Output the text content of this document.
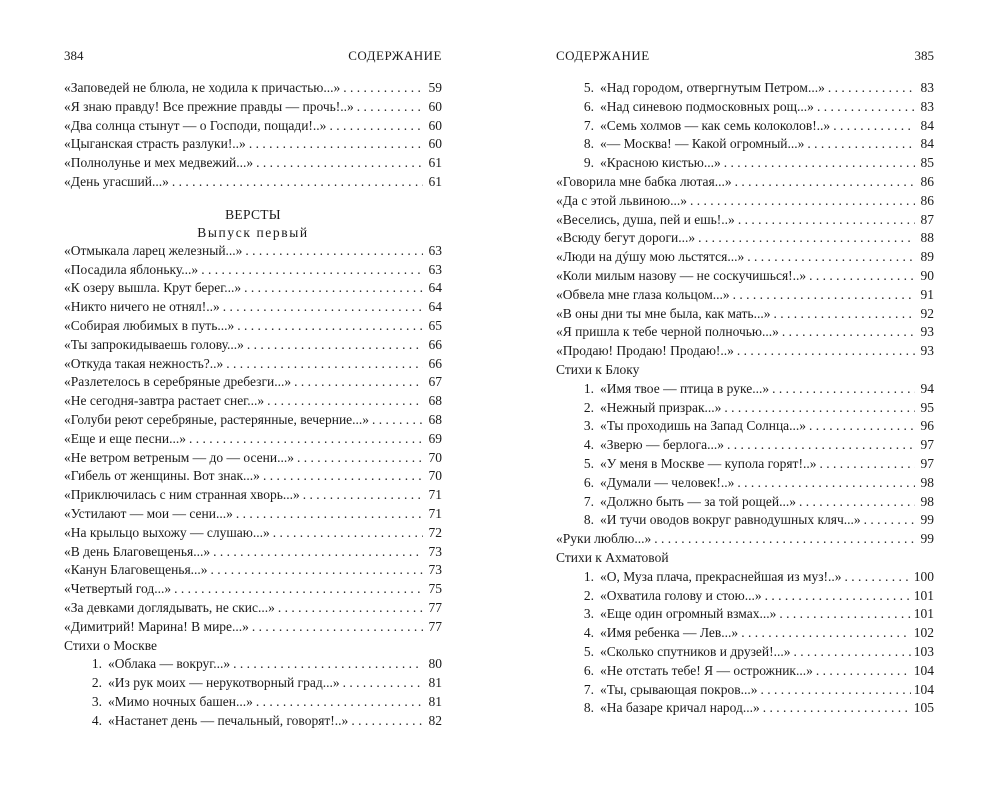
384	СОДЕРЖАНИЕ
«Заповедей не блюла, не ходила к причастью...» . . .	59
«Я знаю правду! Все прежние правды — прочь!..» . . .	60
«Два солнца стынут — о Господи, пощади!..» . . .	60
«Цыганская страсть разлуки!..» . . .	60
«Полнолунье и мех медвежий...» . . .	61
«День угасший...» . . .	61
ВЕРСТЫ
Выпуск первый
«Отмыкала ларец железный...» . . .	63
«Посадила яблоньку...» . . .	63
«К озеру вышла. Крут берег...» . . .	64
«Никто ничего не отнял!..» . . .	64
«Собирая любимых в путь...» . . .	65
«Ты запрокидываешь голову...» . . .	66
«Откуда такая нежность?..» . . .	66
«Разлетелось в серебряные дребезги...» . . .	67
«Не сегодня-завтра растает снег...» . . .	68
«Голуби реют серебряные, растерянные, вечерние...» . . .	68
«Еще и еще песни...» . . .	69
«Не ветром ветреным — до — осени...» . . .	70
«Гибель от женщины. Вот знак...» . . .	70
«Приключилась с ним странная хворь...» . . .	71
«Устилают — мои — сени...» . . .	71
«На крыльцо выхожу — слушаю...» . . .	72
«В день Благовещенья...» . . .	73
«Канун Благовещенья...» . . .	73
«Четвертый год...» . . .	75
«За девками доглядывать, не скис...» . . .	77
«Димитрий! Марина! В мире...» . . .	77
Стихи о Москве
1. «Облака — вокруг...» . . .	80
2. «Из рук моих — нерукотворный град...» . . .	81
3. «Мимо ночных башен...» . . .	81
4. «Настанет день — печальный, говорят!..» . . .	82
СОДЕРЖАНИЕ	385
5. «Над городом, отвергнутым Петром...» . . .	83
6. «Над синевою подмосковных рощ...» . . .	83
7. «Семь холмов — как семь колоколов!..» . . .	84
8. «— Москва! — Какой огромный...» . . .	84
9. «Красною кистью...» . . .	85
«Говорила мне бабка лютая...» . . .	86
«Да с этой львиною...» . . .	86
«Веселись, душа, пей и ешь!..» . . .	87
«Всюду бегут дороги...» . . .	88
«Люди на дýшу мою льстятся...» . . .	89
«Коли милым назову — не соскучишься!..» . . .	90
«Обвела мне глаза кольцом...» . . .	91
«В оны дни ты мне была, как мать...» . . .	92
«Я пришла к тебе черной полночью...» . . .	93
«Продаю! Продаю! Продаю!..» . . .	93
Стихи к Блоку
1. «Имя твое — птица в руке...» . . .	94
2. «Нежный призрак...» . . .	95
3. «Ты проходишь на Запад Солнца...» . . .	96
4. «Зверю — берлога...» . . .	97
5. «У меня в Москве — купола горят!..» . . .	97
6. «Думали — человек!..» . . .	98
7. «Должно быть — за той рощей...» . . .	98
8. «И тучи оводов вокруг равнодушных кляч...» . . .	99
«Руки люблю...» . . .	99
Стихи к Ахматовой
1. «О, Муза плача, прекраснейшая из муз!..» . . .	100
2. «Охватила голову и стою...» . . .	101
3. «Еще один огромный взмах...» . . .	101
4. «Имя ребенка — Лев...» . . .	102
5. «Сколько спутников и друзей!...» . . .	103
6. «Не отстать тебе! Я — острожник...» . . .	104
7. «Ты, срывающая покров...» . . .	104
8. «На базаре кричал народ...» . . .	105
